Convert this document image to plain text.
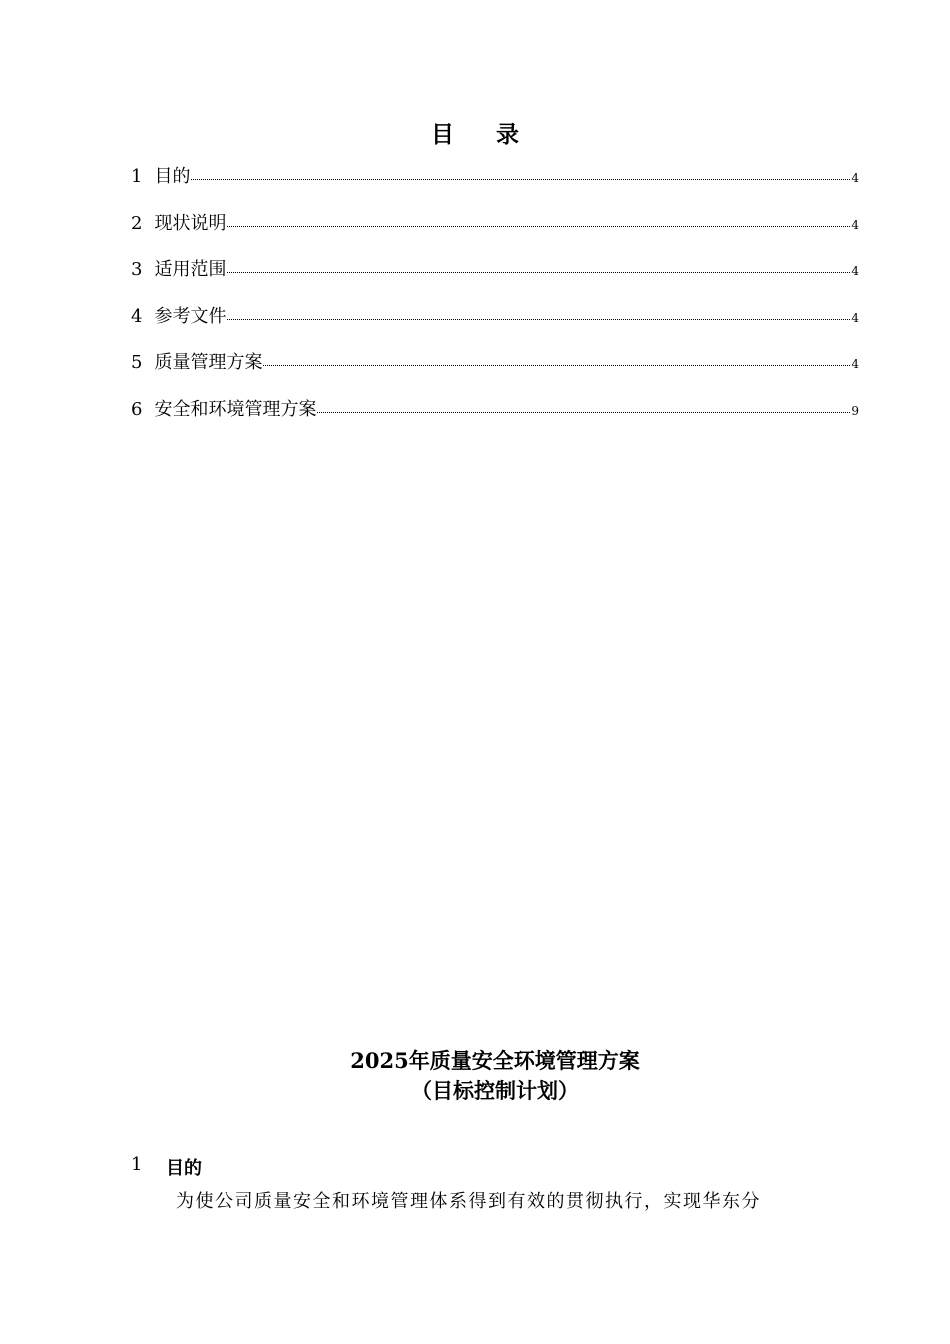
目 录
1 目的	4
2 现状说明	4
3 适用范围	4
4 参考文件	4
5 质量管理方案	4
6 安全和环境管理方案	9
2025年质量安全环境管理方案
（目标控制计划）
1	目的
为使公司质量安全和环境管理体系得到有效的贯彻执行，实现华东分
